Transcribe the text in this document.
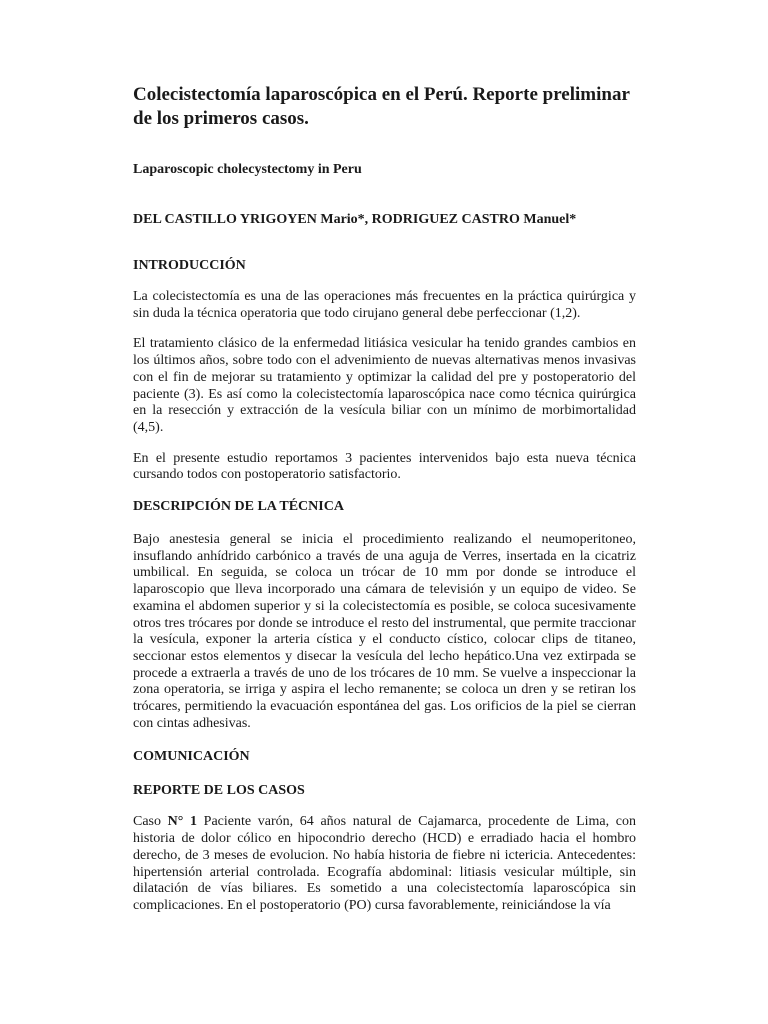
Colecistectomía laparoscópica en el Perú. Reporte preliminar de los primeros casos.
Laparoscopic cholecystectomy in Peru
DEL CASTILLO YRIGOYEN Mario*, RODRIGUEZ CASTRO Manuel*
INTRODUCCIÓN

La colecistectomía es una de las operaciones más frecuentes en la práctica quirúrgica y sin duda la técnica operatoria que todo cirujano general debe perfeccionar (1,2).

El tratamiento clásico de la enfermedad litiásica vesicular ha tenido grandes cambios en los últimos años, sobre todo con el advenimiento de nuevas alternativas menos invasivas con el fin de mejorar su tratamiento y optimizar la calidad del pre y postoperatorio del paciente (3). Es así como la colecistectomía laparoscópica nace como técnica quirúrgica en la resección y extracción de la vesícula biliar con un mínimo de morbimortalidad (4,5).

En el presente estudio reportamos 3 pacientes intervenidos bajo esta nueva técnica cursando todos con postoperatorio satisfactorio.

DESCRIPCIÓN DE LA TÉCNICA

Bajo anestesia general se inicia el procedimiento realizando el neumoperitoneo, insuflando anhídrido carbónico a través de una aguja de Verres, insertada en la cicatriz umbilical. En seguida, se coloca un trócar de 10 mm por donde se introduce el laparoscopio que lleva incorporado una cámara de televisión y un equipo de video. Se examina el abdomen superior y si la colecistectomía es posible, se coloca sucesivamente otros tres trócares por donde se introduce el resto del instrumental, que permite traccionar la vesícula, exponer la arteria cística y el conducto cístico, colocar clips de titaneo, seccionar estos elementos y disecar la vesícula del lecho hepático.Una vez extirpada se procede a extraerla a través de uno de los trócares de 10 mm. Se vuelve a inspeccionar la zona operatoria, se irriga y aspira el lecho remanente; se coloca un dren y se retiran los trócares, permitiendo la evacuación espontánea del gas. Los orificios de la piel se cierran con cintas adhesivas.

COMUNICACIÓN
REPORTE DE LOS CASOS

Caso N° 1 Paciente varón, 64 años natural de Cajamarca, procedente de Lima, con historia de dolor cólico en hipocondrio derecho (HCD) e erradiado hacia el hombro derecho, de 3 meses de evolucion. No había historia de fiebre ni ictericia. Antecedentes: hipertensión arterial controlada. Ecografía abdominal: litiasis vesicular múltiple, sin dilatación de vías biliares. Es sometido a una colecistectomía laparoscópica sin complicaciones. En el postoperatorio (PO) cursa favorablemente, reiniciándose la vía
